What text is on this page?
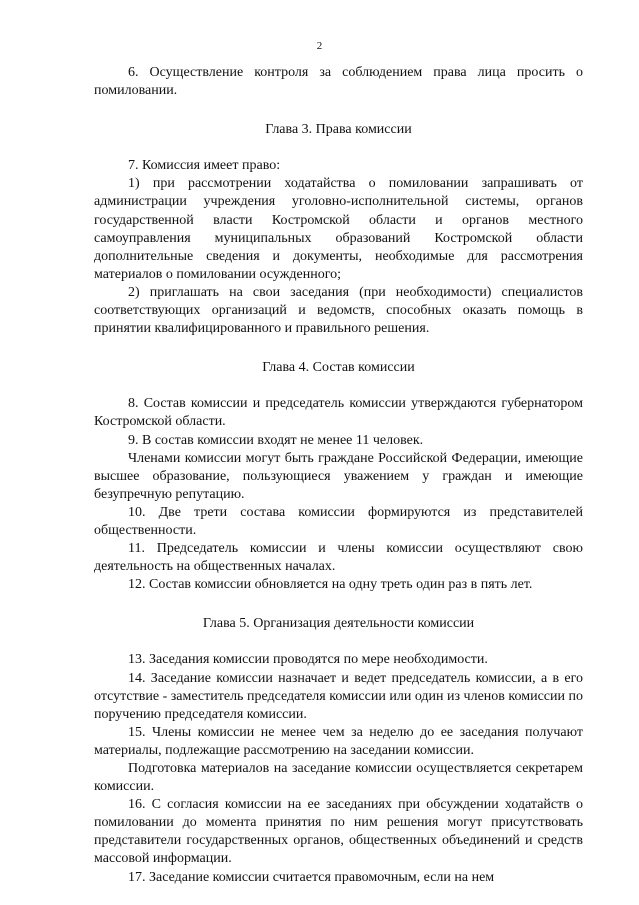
2

6. Осуществление контроля за соблюдением права лица просить о помиловании.

Глава 3. Права комиссии

7. Комиссия имеет право:

1) при рассмотрении ходатайства о помиловании запрашивать от администрации учреждения уголовно-исполнительной системы, органов государственной власти Костромской области и органов местного самоуправления муниципальных образований Костромской области дополнительные сведения и документы, необходимые для рассмотрения материалов о помиловании осужденного;

2) приглашать на свои заседания (при необходимости) специалистов соответствующих организаций и ведомств, способных оказать помощь в принятии квалифицированного и правильного решения.

Глава 4. Состав комиссии

8. Состав комиссии и председатель комиссии утверждаются губернатором Костромской области.

9. В состав комиссии входят не менее 11 человек.

Членами комиссии могут быть граждане Российской Федерации, имеющие высшее образование, пользующиеся уважением у граждан и имеющие безупречную репутацию.

10. Две трети состава комиссии формируются из представителей общественности.

11. Председатель комиссии и члены комиссии осуществляют свою деятельность на общественных началах.

12. Состав комиссии обновляется на одну треть один раз в пять лет.

Глава 5. Организация деятельности комиссии

13. Заседания комиссии проводятся по мере необходимости.

14. Заседание комиссии назначает и ведет председатель комиссии, а в его отсутствие - заместитель председателя комиссии или один из членов комиссии по поручению председателя комиссии.

15. Члены комиссии не менее чем за неделю до ее заседания получают материалы, подлежащие рассмотрению на заседании комиссии.

Подготовка материалов на заседание комиссии осуществляется секретарем комиссии.

16. С согласия комиссии на ее заседаниях при обсуждении ходатайств о помиловании до момента принятия по ним решения могут присутствовать представители государственных органов, общественных объединений и средств массовой информации.

17. Заседание комиссии считается правомочным, если на нем
